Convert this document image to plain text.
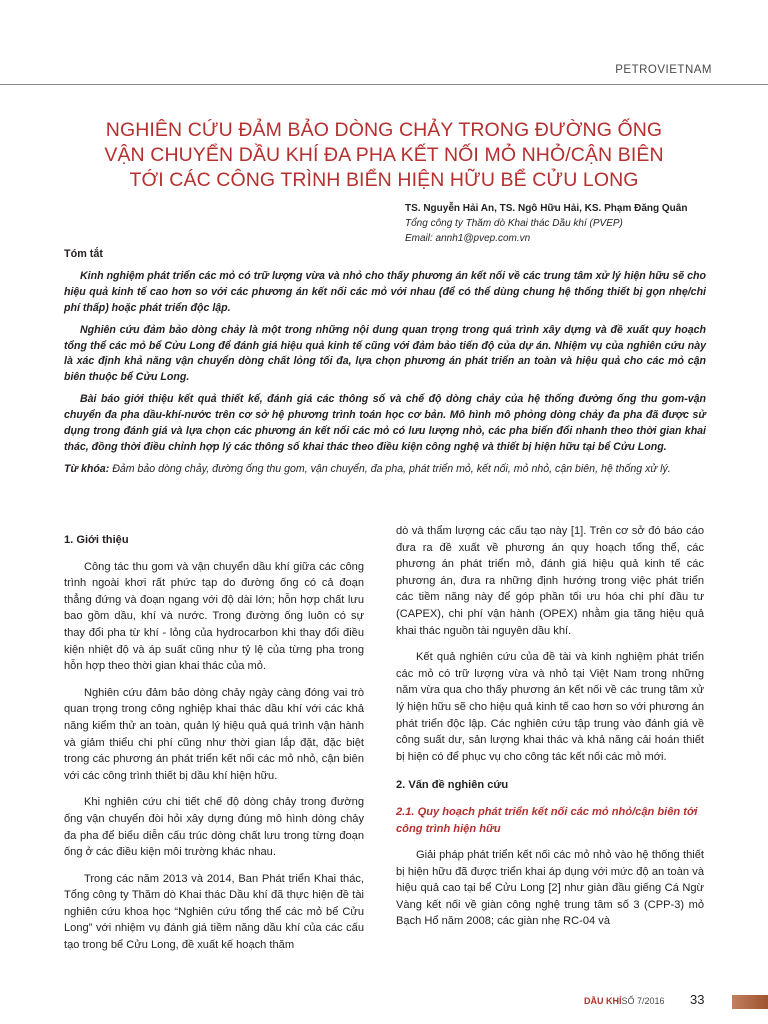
PETROVIETNAM
NGHIÊN CỨU ĐẢM BẢO DÒNG CHẢY TRONG ĐƯỜNG ỐNG
VẬN CHUYỂN DẦU KHÍ ĐA PHA KẾT NỐI MỎ NHỎ/CẬN BIÊN
TỚI CÁC CÔNG TRÌNH BIỂN HIỆN HỮU BỂ CỬU LONG
TS. Nguyễn Hải An, TS. Ngô Hữu Hải, KS. Phạm Đăng Quân
Tổng công ty Thăm dò Khai thác Dầu khí (PVEP)
Email: annh1@pvep.com.vn
Tóm tắt

Kinh nghiệm phát triển các mỏ có trữ lượng vừa và nhỏ cho thấy phương án kết nối về các trung tâm xử lý hiện hữu sẽ cho hiệu quả kinh tế cao hơn so với các phương án kết nối các mỏ với nhau (để có thể dùng chung hệ thống thiết bị gọn nhẹ/chi phí thấp) hoặc phát triển độc lập.

Nghiên cứu đảm bảo dòng chảy là một trong những nội dung quan trọng trong quá trình xây dựng và đề xuất quy hoạch tổng thể các mỏ bể Cửu Long để đánh giá hiệu quả kinh tế cũng với đảm bảo tiến độ của dự án. Nhiệm vụ của nghiên cứu này là xác định khả năng vận chuyển dòng chất lỏng tối đa, lựa chọn phương án phát triển an toàn và hiệu quả cho các mỏ cận biên thuộc bể Cửu Long.

Bài báo giới thiệu kết quả thiết kế, đánh giá các thông số và chế độ dòng chảy của hệ thống đường ống thu gom-vận chuyển đa pha dầu-khí-nước trên cơ sở hệ phương trình toán học cơ bản. Mô hình mô phỏng dòng chảy đa pha đã được sử dụng trong đánh giá và lựa chọn các phương án kết nối các mỏ có lưu lượng nhỏ, các pha biến đổi nhanh theo thời gian khai thác, đồng thời điều chỉnh hợp lý các thông số khai thác theo điều kiện công nghệ và thiết bị hiện hữu tại bể Cửu Long.

Từ khóa: Đảm bảo dòng chảy, đường ống thu gom, vận chuyển, đa pha, phát triển mỏ, kết nối, mỏ nhỏ, cận biên, hệ thống xử lý.
1. Giới thiệu

Công tác thu gom và vận chuyển dầu khí giữa các công trình ngoài khơi rất phức tạp do đường ống có cả đoạn thẳng đứng và đoạn ngang với độ dài lớn; hỗn hợp chất lưu bao gồm dầu, khí và nước. Trong đường ống luôn có sự thay đổi pha từ khí - lỏng của hydrocarbon khi thay đổi điều kiện nhiệt độ và áp suất cũng như tỷ lệ của từng pha trong hỗn hợp theo thời gian khai thác của mỏ.

Nghiên cứu đảm bảo dòng chảy ngày càng đóng vai trò quan trọng trong công nghiệp khai thác dầu khí với các khả năng kiểm thử an toàn, quản lý hiệu quả quá trình vận hành và giảm thiểu chi phí cũng như thời gian lắp đặt, đặc biệt trong các phương án phát triển kết nối các mỏ nhỏ, cận biên với các công trình thiết bị dầu khí hiện hữu.

Khi nghiên cứu chi tiết chế độ dòng chảy trong đường ống vận chuyển đòi hỏi xây dựng đúng mô hình dòng chảy đa pha để biểu diễn cấu trúc dòng chất lưu trong từng đoạn ống ở các điều kiện môi trường khác nhau.

Trong các năm 2013 và 2014, Ban Phát triển Khai thác, Tổng công ty Thăm dò Khai thác Dầu khí đã thực hiện đề tài nghiên cứu khoa học “Nghiên cứu tổng thể các mỏ bể Cửu Long” với nhiệm vụ đánh giá tiềm năng dầu khí của các cấu tạo trong bể Cửu Long, đề xuất kế hoạch thăm

dò và thẩm lượng các cấu tạo này [1]. Trên cơ sở đó báo cáo đưa ra đề xuất về phương án quy hoạch tổng thể, các phương án phát triển mỏ, đánh giá hiệu quả kinh tế các phương án, đưa ra những định hướng trong việc phát triển các tiềm năng này để góp phần tối ưu hóa chi phí đầu tư (CAPEX), chi phí vận hành (OPEX) nhằm gia tăng hiệu quả khai thác nguồn tài nguyên dầu khí.

Kết quả nghiên cứu của đề tài và kinh nghiệm phát triển các mỏ có trữ lượng vừa và nhỏ tại Việt Nam trong những năm vừa qua cho thấy phương án kết nối về các trung tâm xử lý hiện hữu sẽ cho hiệu quả kinh tế cao hơn so với phương án phát triển độc lập. Các nghiên cứu tập trung vào đánh giá về công suất dư, sản lượng khai thác và khả năng cải hoán thiết bị hiện có để phục vụ cho công tác kết nối các mỏ mới.

2. Vấn đề nghiên cứu
2.1. Quy hoạch phát triển kết nối các mỏ nhỏ/cận biên tới công trình hiện hữu

Giải pháp phát triển kết nối các mỏ nhỏ vào hệ thống thiết bị hiện hữu đã được triển khai áp dụng với mức độ an toàn và hiệu quả cao tại bể Cửu Long [2] như giàn đầu giếng Cá Ngừ Vàng kết nối về giàn công nghệ trung tâm số 3 (CPP-3) mỏ Bạch Hổ năm 2008; các giàn nhẹ RC-04 và

DẦU KHÍ
- SỐ 7/2016 33
